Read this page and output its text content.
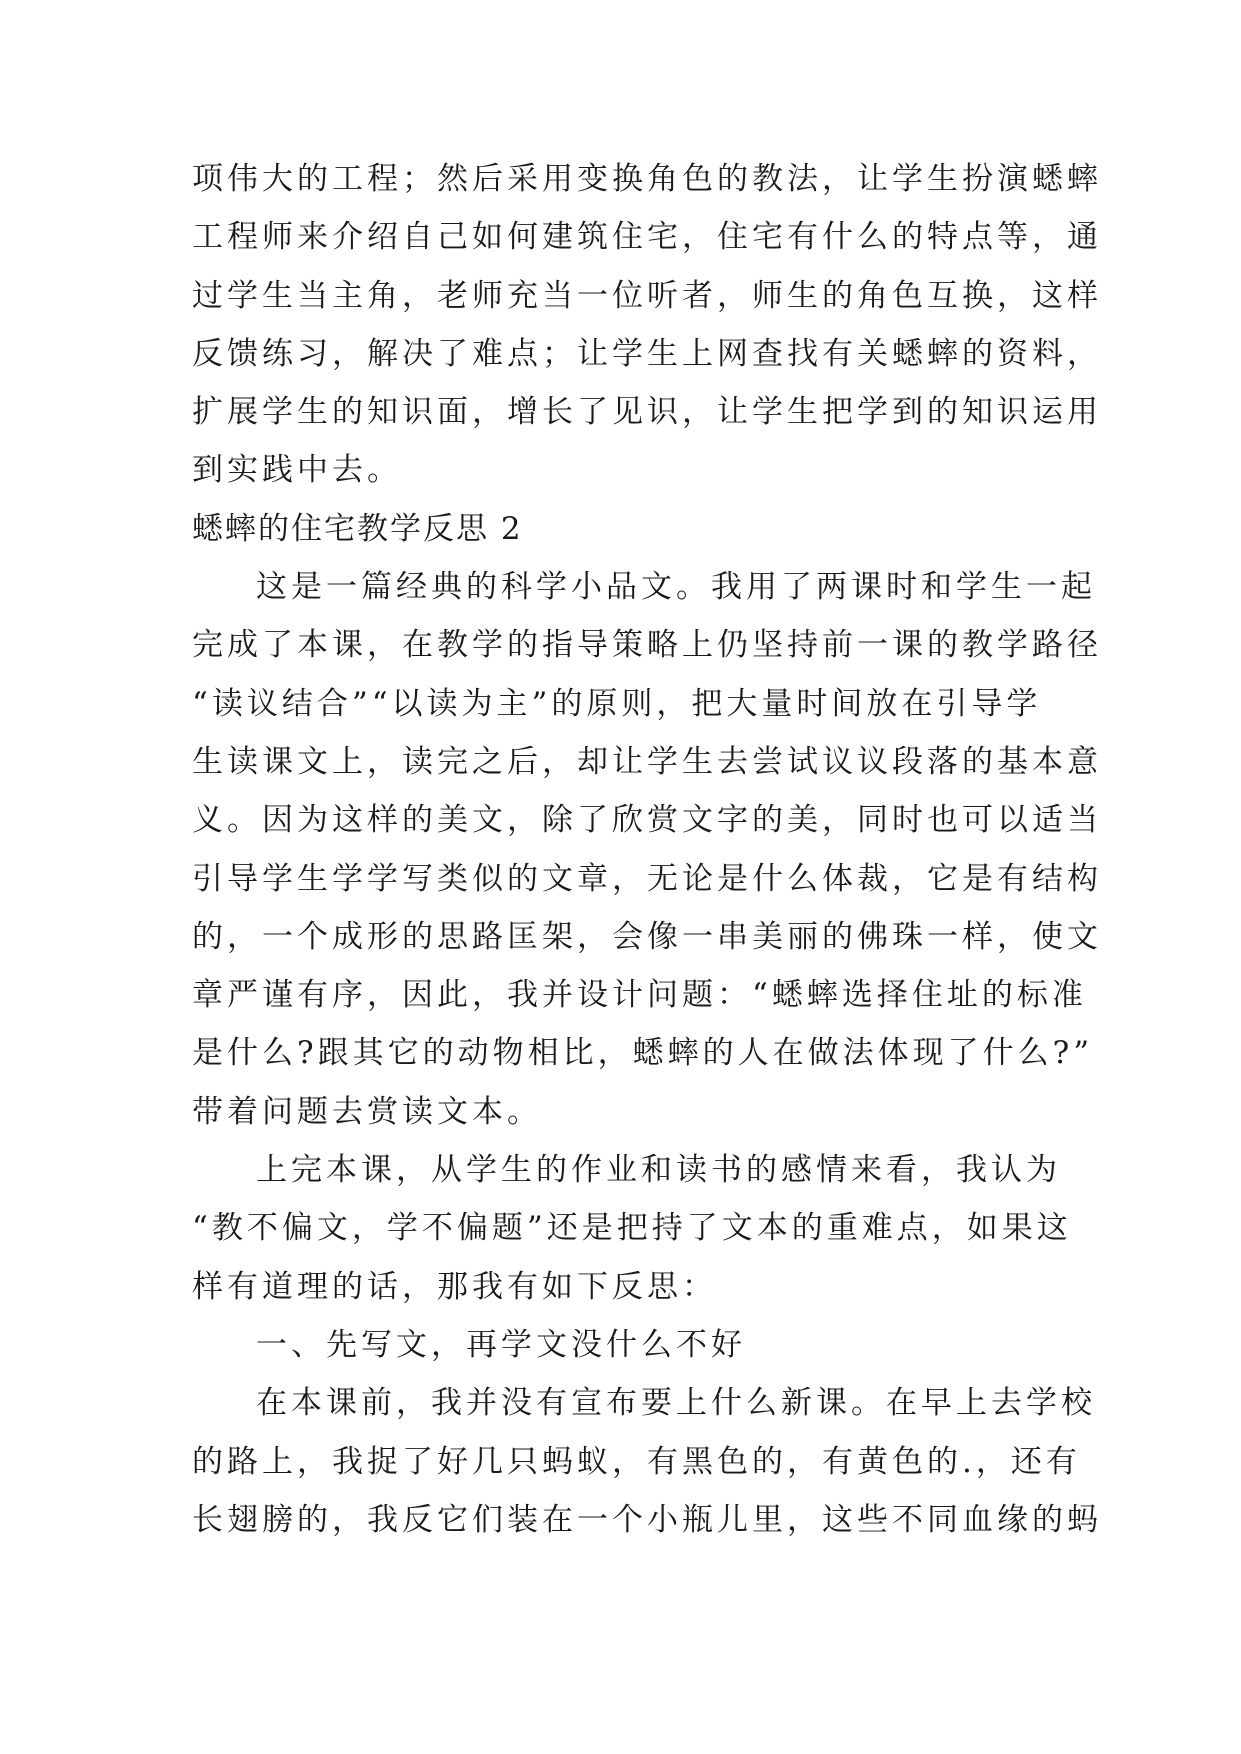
项伟大的工程；然后采用变换角色的教法，让学生扮演蟋蟀
工程师来介绍自己如何建筑住宅，住宅有什么的特点等，通
过学生当主角，老师充当一位听者，师生的角色互换，这样
反馈练习，解决了难点；让学生上网查找有关蟋蟀的资料，
扩展学生的知识面，增长了见识，让学生把学到的知识运用
到实践中去。
蟋蟀的住宅教学反思 2
这是一篇经典的科学小品文。我用了两课时和学生一起
完成了本课，在教学的指导策略上仍坚持前一课的教学路径
“读议结合”“以读为主”的原则，把大量时间放在引导学
生读课文上，读完之后，却让学生去尝试议议段落的基本意
义。因为这样的美文，除了欣赏文字的美，同时也可以适当
引导学生学学写类似的文章，无论是什么体裁，它是有结构
的，一个成形的思路匡架，会像一串美丽的佛珠一样，使文
章严谨有序，因此，我并设计问题：“蟋蟀选择住址的标准
是什么?跟其它的动物相比，蟋蟀的人在做法体现了什么?”
带着问题去赏读文本。
上完本课，从学生的作业和读书的感情来看，我认为
“教不偏文，学不偏题”还是把持了文本的重难点，如果这
样有道理的话，那我有如下反思：
一、先写文，再学文没什么不好
在本课前，我并没有宣布要上什么新课。在早上去学校
的路上，我捉了好几只蚂蚁，有黑色的，有黄色的.，还有
长翅膀的，我反它们装在一个小瓶儿里，这些不同血缘的蚂
